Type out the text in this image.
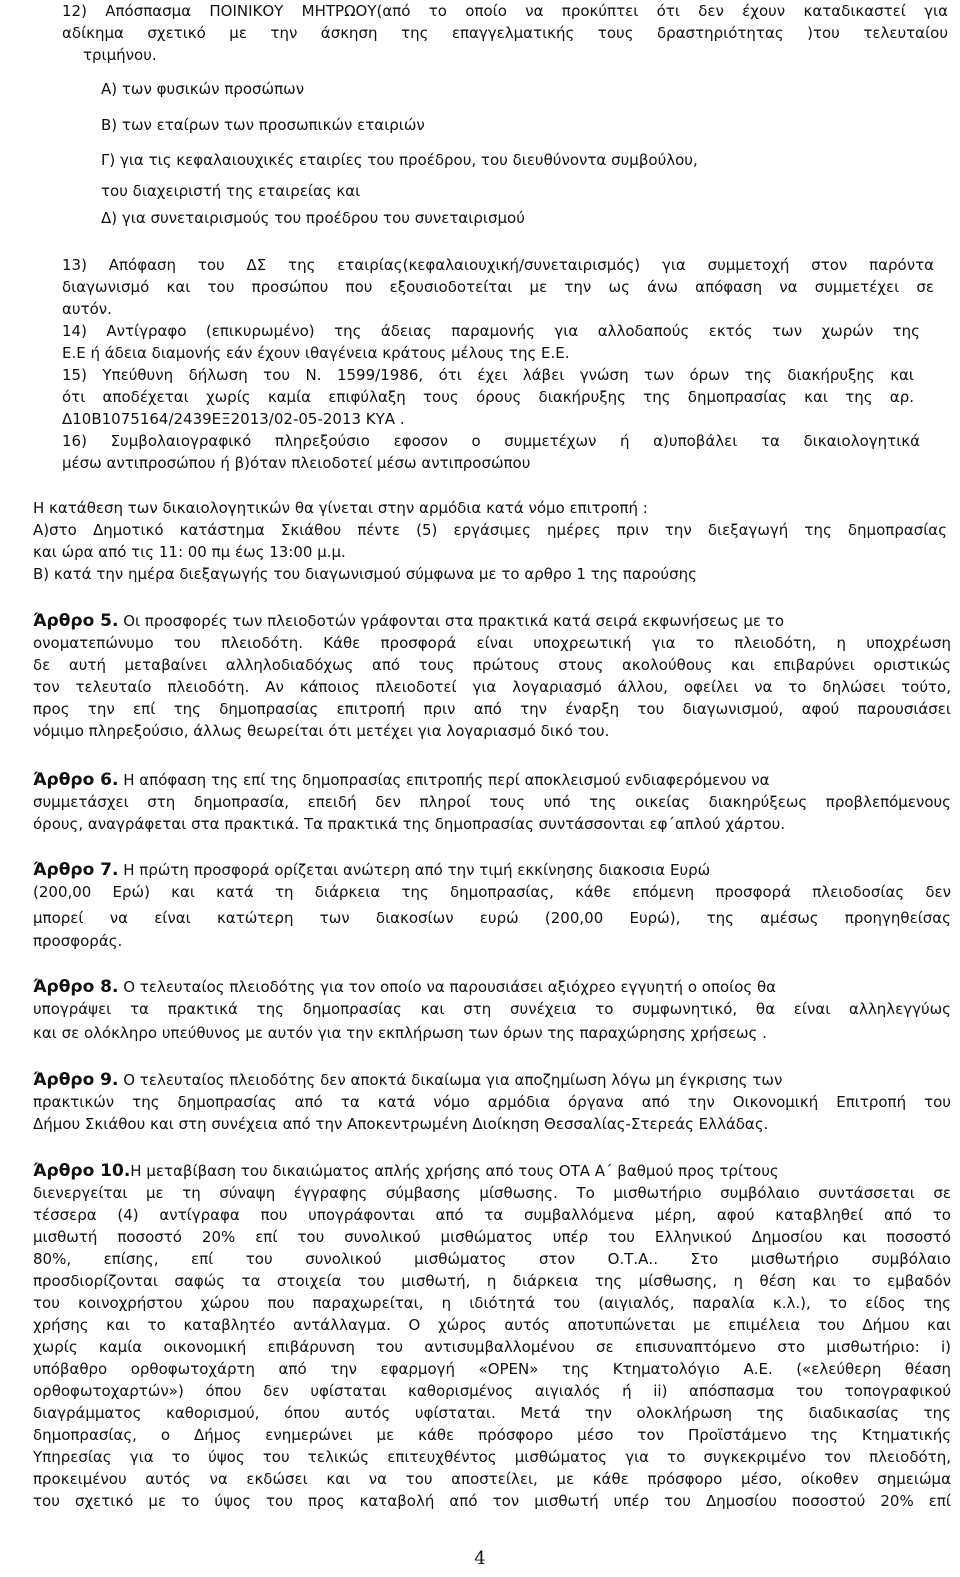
12) Απόσπασμα ΠΟΙΝΙΚΟΥ ΜΗΤΡΩΟΥ(από το οποίο να προκύπτει ότι δεν έχουν καταδικαστεί για
αδίκημα σχετικό με την άσκηση της επαγγελματικής τους δραστηριότητας )του τελευταίου
τριμήνου.
Α) των φυσικών προσώπων
Β) των εταίρων των προσωπικών εταιριών
Γ) για τις κεφαλαιουχικές εταιρίες του προέδρου, του διευθύνοντα συμβούλου,
του διαχειριστή της εταιρείας και
Δ) για συνεταιρισμούς του προέδρου του συνεταιρισμού
13) Απόφαση του ΔΣ της εταιρίας(κεφαλαιουχική/συνεταιρισμός) για συμμετοχή στον παρόντα
διαγωνισμό και του προσώπου που εξουσιοδοτείται με την ως άνω απόφαση να συμμετέχει σε
αυτόν.
14) Αντίγραφο (επικυρωμένο) της άδειας παραμονής για αλλοδαπούς εκτός των χωρών της
Ε.Ε ή άδεια διαμονής εάν έχουν ιθαγένεια κράτους μέλους της Ε.Ε.
15) Υπεύθυνη δήλωση του Ν. 1599/1986, ότι έχει λάβει γνώση των όρων της διακήρυξης και
ότι αποδέχεται χωρίς καμία επιφύλαξη τους όρους διακήρυξης της δημοπρασίας και της αρ.
Δ10Β1075164/2439ΕΞ2013/02-05-2013 ΚΥΑ .
16) Συμβολαιογραφικό πληρεξούσιο εφοσον ο συμμετέχων ή α)υποβάλει τα δικαιολογητικά
μέσω αντιπροσώπου ή β)όταν πλειοδοτεί μέσω αντιπροσώπου
Η κατάθεση των δικαιολογητικών θα γίνεται στην αρμόδια κατά νόμο επιτροπή :
Α)στο Δημοτικό κατάστημα Σκιάθου πέντε (5) εργάσιμες ημέρες πριν την διεξαγωγή της δημοπρασίας
και ώρα από τις 11: 00 πμ έως 13:00 μ.μ.
Β) κατά την ημέρα διεξαγωγής του διαγωνισμού σύμφωνα με το αρθρο 1 της παρούσης
Άρθρο 5. Οι προσφορές των πλειοδοτών γράφονται στα πρακτικά κατά σειρά εκφωνήσεως με το
ονοματεπώνυμο του πλειοδότη. Κάθε προσφορά είναι υποχρεωτική για το πλειοδότη, η υποχρέωση
δε αυτή μεταβαίνει αλληλοδιαδόχως από τους πρώτους στους ακολούθους και επιβαρύνει οριστικώς
τον τελευταίο πλειοδότη. Αν κάποιος πλειοδοτεί για λογαριασμό άλλου, οφείλει να το δηλώσει τούτο,
προς την επί της δημοπρασίας επιτροπή πριν από την έναρξη του διαγωνισμού, αφού παρουσιάσει
νόμιμο πληρεξούσιο, άλλως θεωρείται ότι μετέχει για λογαριασμό δικό του.
Άρθρο 6. Η απόφαση της επί της δημοπρασίας επιτροπής περί αποκλεισμού ενδιαφερόμενου να
συμμετάσχει στη δημοπρασία, επειδή δεν πληροί τους υπό της οικείας διακηρύξεως προβλεπόμενους
όρους, αναγράφεται στα πρακτικά. Τα πρακτικά της δημοπρασίας συντάσσονται εφ΄απλού χάρτου.
Άρθρο 7. Η πρώτη προσφορά ορίζεται ανώτερη από την τιμή εκκίνησης διακοσια Ευρώ
(200,00 Ερώ) και κατά τη διάρκεια της δημοπρασίας, κάθε επόμενη προσφορά πλειοδοσίας δεν
μπορεί να είναι κατώτερη των διακοσίων ευρώ (200,00 Ευρώ), της αμέσως προηγηθείσας
προσφοράς.
Άρθρο 8. Ο τελευταίος πλειοδότης για τον οποίο να παρουσιάσει αξιόχρεο εγγυητή ο οποίος θα
υπογράψει τα πρακτικά της δημοπρασίας και στη συνέχεια το συμφωνητικό, θα είναι αλληλεγγύως
και σε ολόκληρο υπεύθυνος με αυτόν για την εκπλήρωση των όρων της παραχώρησης χρήσεως .
Άρθρο 9. Ο τελευταίος πλειοδότης δεν αποκτά δικαίωμα για αποζημίωση λόγω μη έγκρισης των
πρακτικών της δημοπρασίας από τα κατά νόμο αρμόδια όργανα από την Οικονομική Επιτροπή του
Δήμου Σκιάθου και στη συνέχεια από την Αποκεντρωμένη Διοίκηση Θεσσαλίας-Στερεάς Ελλάδας.
Άρθρο 10.Η μεταβίβαση του δικαιώματος απλής χρήσης από τους ΟΤΑ Α΄ βαθμού προς τρίτους
διενεργείται με τη σύναψη έγγραφης σύμβασης μίσθωσης. Το μισθωτήριο συμβόλαιο συντάσσεται σε
τέσσερα (4) αντίγραφα που υπογράφονται από τα συμβαλλόμενα μέρη, αφού καταβληθεί από το
μισθωτή ποσοστό 20% επί του συνολικού μισθώματος υπέρ του Ελληνικού Δημοσίου και ποσοστό
80%, επίσης, επί του συνολικού μισθώματος στον Ο.Τ.Α.. Στο μισθωτήριο συμβόλαιο
προσδιορίζονται σαφώς τα στοιχεία του μισθωτή, η διάρκεια της μίσθωσης, η θέση και το εμβαδόν
του κοινοχρήστου χώρου που παραχωρείται, η ιδιότητά του (αιγιαλός, παραλία κ.λ.), το είδος της
χρήσης και το καταβλητέο αντάλλαγμα. Ο χώρος αυτός αποτυπώνεται με επιμέλεια του Δήμου και
χωρίς καμία οικονομική επιβάρυνση του αντισυμβαλλομένου σε επισυναπτόμενο στο μισθωτήριο: i)
υπόβαθρο ορθοφωτοχάρτη από την εφαρμογή «OPEN» της Κτηματολόγιο Α.Ε. («ελεύθερη θέαση
ορθοφωτοχαρτών») όπου δεν υφίσταται καθορισμένος αιγιαλός ή ii) απόσπασμα του τοπογραφικού
διαγράμματος καθορισμού, όπου αυτός υφίσταται. Μετά την ολοκλήρωση της διαδικασίας της
δημοπρασίας, ο Δήμος ενημερώνει με κάθε πρόσφορο μέσο τον Προϊστάμενο της Κτηματικής
Υπηρεσίας για το ύψος του τελικώς επιτευχθέντος μισθώματος για το συγκεκριμένο τον πλειοδότη,
προκειμένου αυτός να εκδώσει και να του αποστείλει, με κάθε πρόσφορο μέσο, οίκοθεν σημειώμα
του σχετικό με το ύψος του προς καταβολή από τον μισθωτή υπέρ του Δημοσίου ποσοστού 20% επί
4
